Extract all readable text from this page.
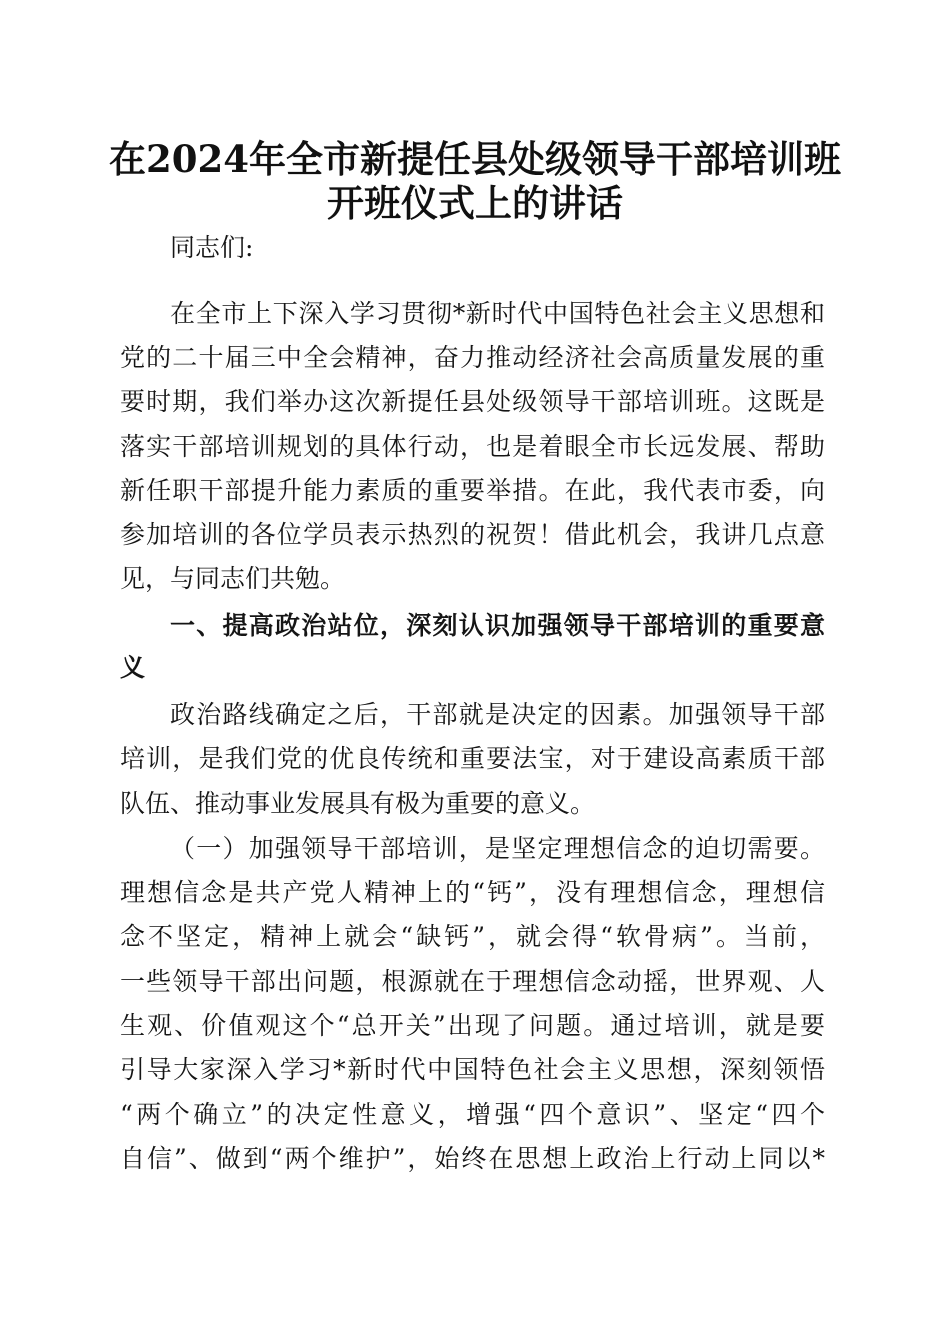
在2024年全市新提任县处级领导干部培训班
开班仪式上的讲话
同志们:
在全市上下深入学习贯彻*新时代中国特色社会主义思想和
党的二十届三中全会精神，奋力推动经济社会高质量发展的重
要时期，我们举办这次新提任县处级领导干部培训班。这既是
落实干部培训规划的具体行动，也是着眼全市长远发展、帮助
新任职干部提升能力素质的重要举措。在此，我代表市委，向
参加培训的各位学员表示热烈的祝贺！借此机会，我讲几点意
见，与同志们共勉。
一、提高政治站位，深刻认识加强领导干部培训的重要意
义
政治路线确定之后，干部就是决定的因素。加强领导干部
培训，是我们党的优良传统和重要法宝，对于建设高素质干部
队伍、推动事业发展具有极为重要的意义。
（一）加强领导干部培训，是坚定理想信念的迫切需要。
理想信念是共产党人精神上的“钙”，没有理想信念，理想信
念不坚定，精神上就会“缺钙”，就会得“软骨病”。当前，
一些领导干部出问题，根源就在于理想信念动摇，世界观、人
生观、价值观这个“总开关”出现了问题。通过培训，就是要
引导大家深入学习*新时代中国特色社会主义思想，深刻领悟
“两个确立”的决定性意义，增强“四个意识”、坚定“四个
自信”、做到“两个维护”，始终在思想上政治上行动上同以*
